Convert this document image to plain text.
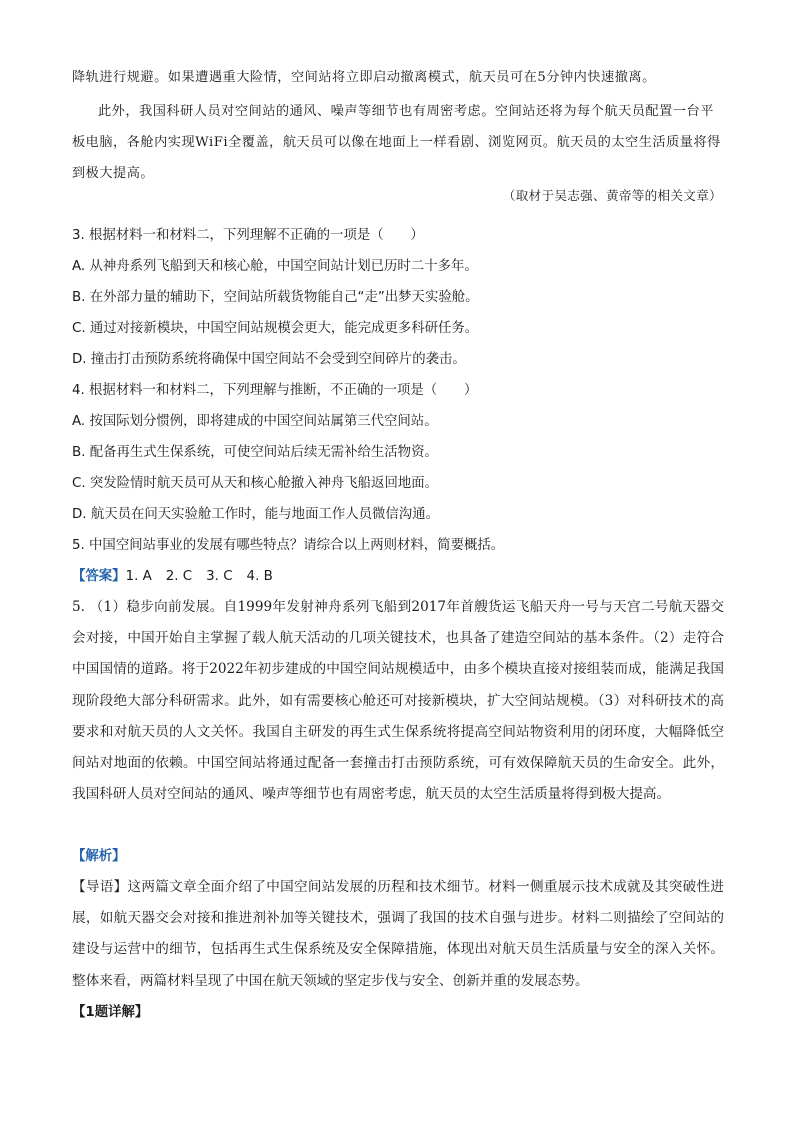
降轨进行规避。如果遭遇重大险情，空间站将立即启动撤离模式，航天员可在5分钟内快速撤离。

此外，我国科研人员对空间站的通风、噪声等细节也有周密考虑。空间站还将为每个航天员配置一台平板电脑，各舱内实现WiFi全覆盖，航天员可以像在地面上一样看剧、浏览网页。航天员的太空生活质量将得到极大提高。

（取材于吴志强、黄帝等的相关文章）

3. 根据材料一和材料二，下列理解不正确的一项是（　　）

A. 从神舟系列飞船到天和核心舱，中国空间站计划已历时二十多年。

B. 在外部力量的辅助下，空间站所载货物能自己“走”出梦天实验舱。

C. 通过对接新模块，中国空间站规模会更大，能完成更多科研任务。

D. 撞击打击预防系统将确保中国空间站不会受到空间碎片的袭击。

4. 根据材料一和材料二，下列理解与推断，不正确的一项是（　　）

A. 按国际划分惯例，即将建成的中国空间站属第三代空间站。

B. 配备再生式生保系统，可使空间站后续无需补给生活物资。

C. 突发险情时航天员可从天和核心舱撤入神舟飞船返回地面。

D. 航天员在问天实验舱工作时，能与地面工作人员微信沟通。

5. 中国空间站事业的发展有哪些特点？请综合以上两则材料，简要概括。

【答案】1. A 2. C 3. C 4. B

5. （1）稳步向前发展。自1999年发射神舟系列飞船到2017年首艘货运飞船天舟一号与天宫二号航天器交会对接，中国开始自主掌握了载人航天活动的几项关键技术，也具备了建造空间站的基本条件。（2）走符合中国国情的道路。将于2022年初步建成的中国空间站规模适中，由多个模块直接对接组装而成，能满足我国现阶段绝大部分科研需求。此外，如有需要核心舱还可对接新模块，扩大空间站规模。（3）对科研技术的高要求和对航天员的人文关怀。我国自主研发的再生式生保系统将提高空间站物资利用的闭环度，大幅降低空间站对地面的依赖。中国空间站将通过配备一套撞击打击预防系统，可有效保障航天员的生命安全。此外，我国科研人员对空间站的通风、噪声等细节也有周密考虑，航天员的太空生活质量将得到极大提高。

【解析】

【导语】这两篇文章全面介绍了中国空间站发展的历程和技术细节。材料一侧重展示技术成就及其突破性进展，如航天器交会对接和推进剂补加等关键技术，强调了我国的技术自强与进步。材料二则描绘了空间站的建设与运营中的细节，包括再生式生保系统及安全保障措施，体现出对航天员生活质量与安全的深入关怀。整体来看，两篇材料呈现了中国在航天领域的坚定步伐与安全、创新并重的发展态势。

【1题详解】
